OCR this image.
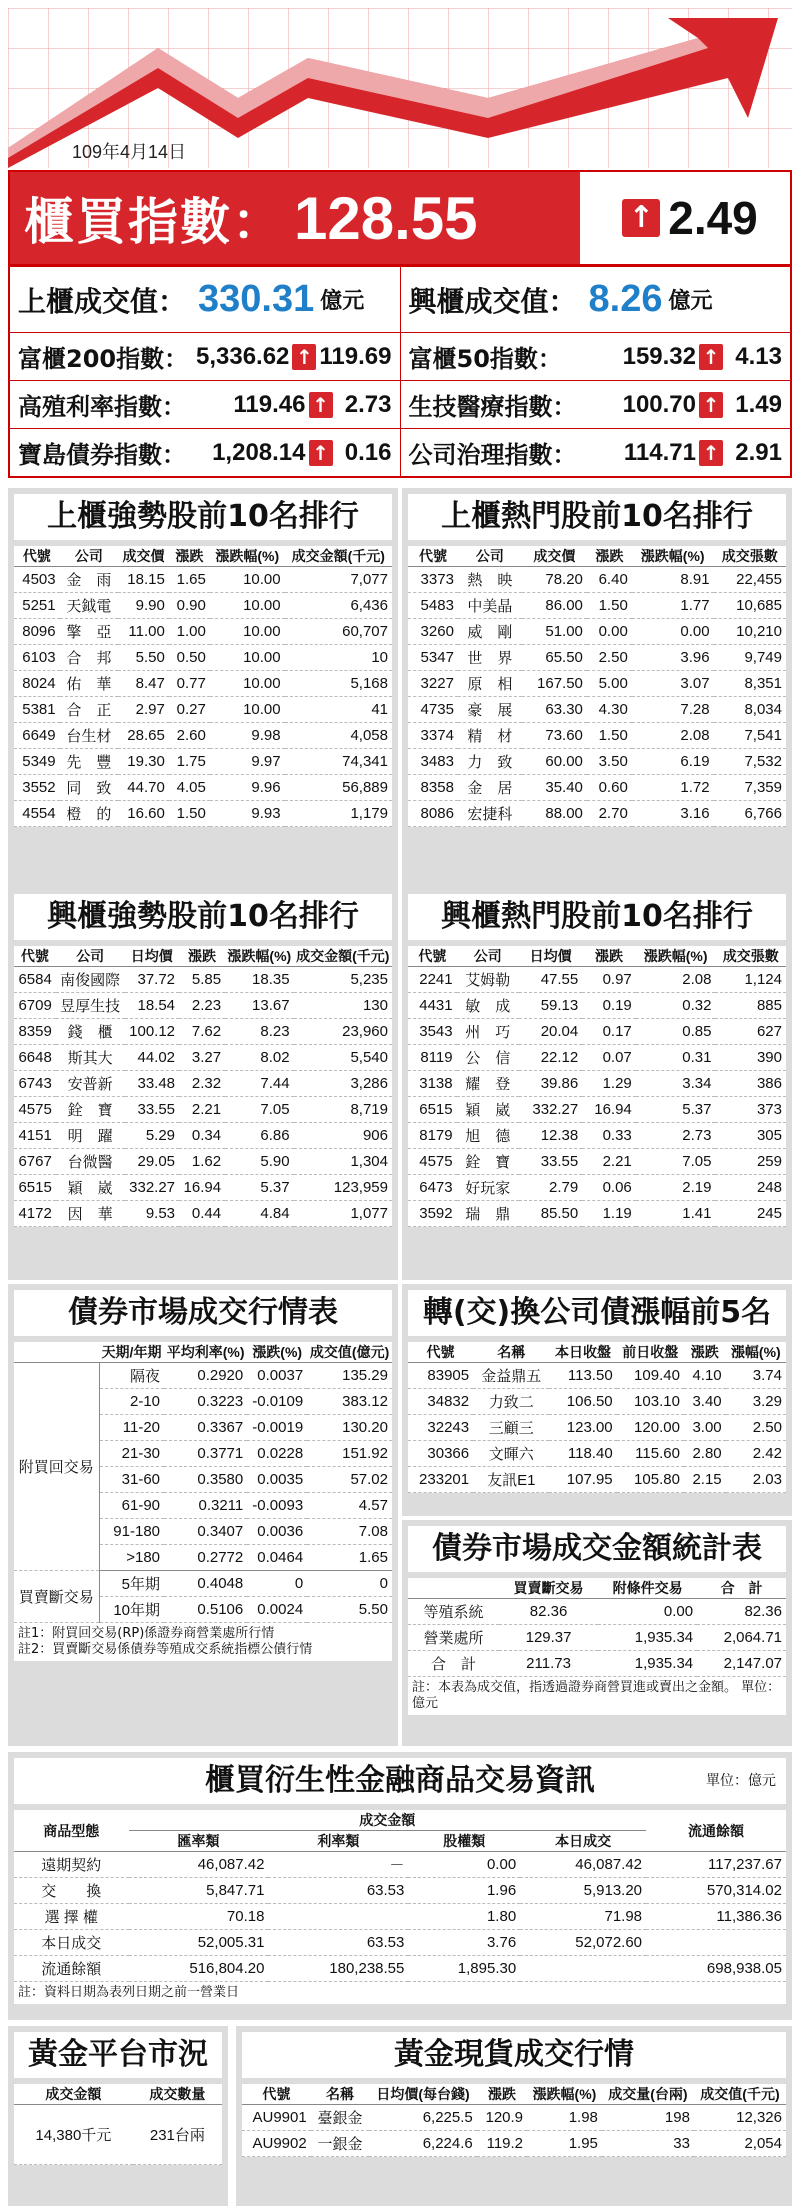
109年4月14日
櫃買指數： 128.55	↑ 2.49
上櫃成交值： 330.31 億元 興櫃成交值： 8.26 億元
富櫃200指數： 5,336.62 ↑ 119.69 富櫃50指數：	159.32 ↑ 4.13
高殖利率指數： 119.46 ↑ 2.73 生技醫療指數： 100.70 ↑ 1.49
寶島債券指數： 1,208.14 ↑ 0.16 公司治理指數： 114.71 ↑ 2.91
上櫃強勢股前10名排行
代號	公司	成交價	漲跌	漲跌幅(%)	成交金額(千元)
4503	金　雨	18.15	1.65	10.00	7,077
5251	天鉞電	9.90	0.90	10.00	6,436
8096	擎　亞	11.00	1.00	10.00	60,707
6103	合　邦	5.50	0.50	10.00	10
8024	佑　華	8.47	0.77	10.00	5,168
5381	合　正	2.97	0.27	10.00	41
6649	台生材	28.65	2.60	9.98	4,058
5349	先　豐	19.30	1.75	9.97	74,341
3552	同　致	44.70	4.05	9.96	56,889
4554	橙　的	16.60	1.50	9.93	1,179
上櫃熱門股前10名排行
代號	公司	成交價	漲跌	漲跌幅(%)	成交張數
3373	熱　映	78.20	6.40	8.91	22,455
5483	中美晶	86.00	1.50	1.77	10,685
3260	威　剛	51.00	0.00	0.00	10,210
5347	世　界	65.50	2.50	3.96	9,749
3227	原　相	167.50	5.00	3.07	8,351
4735	豪　展	63.30	4.30	7.28	8,034
3374	精　材	73.60	1.50	2.08	7,541
3483	力　致	60.00	3.50	6.19	7,532
8358	金　居	35.40	0.60	1.72	7,359
8086	宏捷科	88.00	2.70	3.16	6,766
興櫃強勢股前10名排行
代號	公司	日均價	漲跌	漲跌幅(%)	成交金額(千元)
6584	南俊國際	37.72	5.85	18.35	5,235
6709	昱厚生技	18.54	2.23	13.67	130
8359	錢　櫃	100.12	7.62	8.23	23,960
6648	斯其大	44.02	3.27	8.02	5,540
6743	安普新	33.48	2.32	7.44	3,286
4575	銓　寶	33.55	2.21	7.05	8,719
4151	明　躍	5.29	0.34	6.86	906
6767	台微醫	29.05	1.62	5.90	1,304
6515	穎　崴	332.27	16.94	5.37	123,959
4172	因　華	9.53	0.44	4.84	1,077
興櫃熱門股前10名排行
代號	公司	日均價	漲跌	漲跌幅(%)	成交張數
2241	艾姆勒	47.55	0.97	2.08	1,124
4431	敏　成	59.13	0.19	0.32	885
3543	州　巧	20.04	0.17	0.85	627
8119	公　信	22.12	0.07	0.31	390
3138	耀　登	39.86	1.29	3.34	386
6515	穎　崴	332.27	16.94	5.37	373
8179	旭　德	12.38	0.33	2.73	305
4575	銓　寶	33.55	2.21	7.05	259
6473	好玩家	2.79	0.06	2.19	248
3592	瑞　鼎	85.50	1.19	1.41	245
債券市場成交行情表
	天期/年期	平均利率(%)	漲跌(%)	成交值(億元)
附買回交易	隔夜	0.2920	0.0037	135.29
	2-10	0.3223	-0.0109	383.12
	11-20	0.3367	-0.0019	130.20
	21-30	0.3771	0.0228	151.92
	31-60	0.3580	0.0035	57.02
	61-90	0.3211	-0.0093	4.57
	91-180	0.3407	0.0036	7.08
	>180	0.2772	0.0464	1.65
買賣斷交易	5年期	0.4048	0	0
	10年期	0.5106	0.0024	5.50
註1：附買回交易(RP)係證券商營業處所行情
註2：買賣斷交易係債券等殖成交系統指標公債行情
轉(交)換公司債漲幅前5名
代號	名稱	本日收盤	前日收盤	漲跌	漲幅(%)
83905	金益鼎五	113.50	109.40	4.10	3.74
34832	力致二	106.50	103.10	3.40	3.29
32243	三顧三	123.00	120.00	3.00	2.50
30366	文暉六	118.40	115.60	2.80	2.42
233201	友訊E1	107.95	105.80	2.15	2.03
債券市場成交金額統計表
	買賣斷交易	附條件交易	合　計
等殖系統	82.36	0.00	82.36
營業處所	129.37	1,935.34	2,064.71
合　計	211.73	1,935.34	2,147.07
註：本表為成交值，指透過證券商營買進或賣出之金額。 單位：億元
櫃買衍生性金融商品交易資訊	單位：億元
商品型態	成交金額				流通餘額
	匯率類	利率類	股權類	本日成交	
遠期契約	46,087.42	－	0.00	46,087.42	117,237.67
交　　換	5,847.71	63.53	1.96	5,913.20	570,314.02
選 擇 權	70.18		1.80	71.98	11,386.36
本日成交	52,005.31	63.53	3.76	52,072.60	
流通餘額	516,804.20	180,238.55	1,895.30		698,938.05
註：資料日期為表列日期之前一營業日
黃金平台市況
成交金額	成交數量
14,380千元	231台兩
黃金現貨成交行情
代號	名稱	日均價(每台錢)	漲跌	漲跌幅(%)	成交量(台兩)	成交值(千元)
AU9901	臺銀金	6,225.5	120.9	1.98	198	12,326
AU9902	一銀金	6,224.6	119.2	1.95	33	2,054
